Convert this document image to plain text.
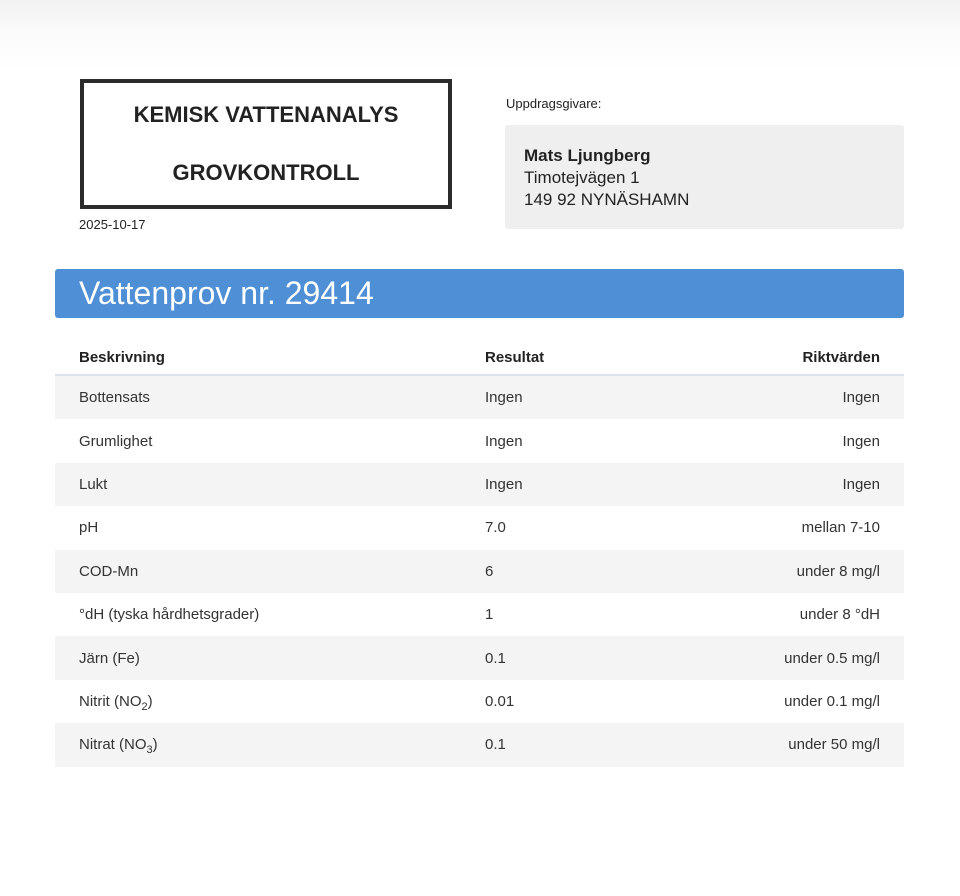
KEMISK VATTENANALYS
GROVKONTROLL
2025-10-17
Uppdragsgivare:
Mats Ljungberg
Timotejvägen 1
149 92 NYNÄSHAMN
Vattenprov nr. 29414
Beskrivning	Resultat	Riktvärden
Bottensats	Ingen	Ingen
Grumlighet	Ingen	Ingen
Lukt	Ingen	Ingen
pH	7.0	mellan 7-10
COD-Mn	6	under 8 mg/l
°dH (tyska hårdhetsgrader)	1	under 8 °dH
Järn (Fe)	0.1	under 0.5 mg/l
Nitrit $(NO_2)$	0.01	under 0.1 mg/l
Nitrat $(NO_3)$	0.1	under 50 mg/l
